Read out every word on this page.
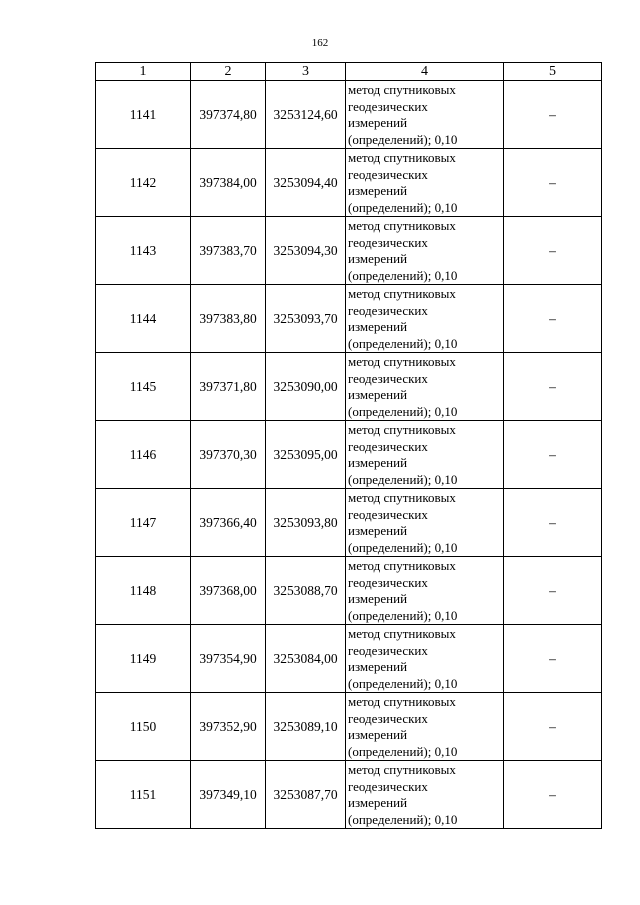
162
1	2	3	4	5
1141	397374,80	3253124,60	метод спутниковых
геодезических
измерений
(определений); 0,10	–
1142	397384,00	3253094,40	метод спутниковых
геодезических
измерений
(определений); 0,10	–
1143	397383,70	3253094,30	метод спутниковых
геодезических
измерений
(определений); 0,10	–
1144	397383,80	3253093,70	метод спутниковых
геодезических
измерений
(определений); 0,10	–
1145	397371,80	3253090,00	метод спутниковых
геодезических
измерений
(определений); 0,10	–
1146	397370,30	3253095,00	метод спутниковых
геодезических
измерений
(определений); 0,10	–
1147	397366,40	3253093,80	метод спутниковых
геодезических
измерений
(определений); 0,10	–
1148	397368,00	3253088,70	метод спутниковых
геодезических
измерений
(определений); 0,10	–
1149	397354,90	3253084,00	метод спутниковых
геодезических
измерений
(определений); 0,10	–
1150	397352,90	3253089,10	метод спутниковых
геодезических
измерений
(определений); 0,10	–
1151	397349,10	3253087,70	метод спутниковых
геодезических
измерений
(определений); 0,10	–
